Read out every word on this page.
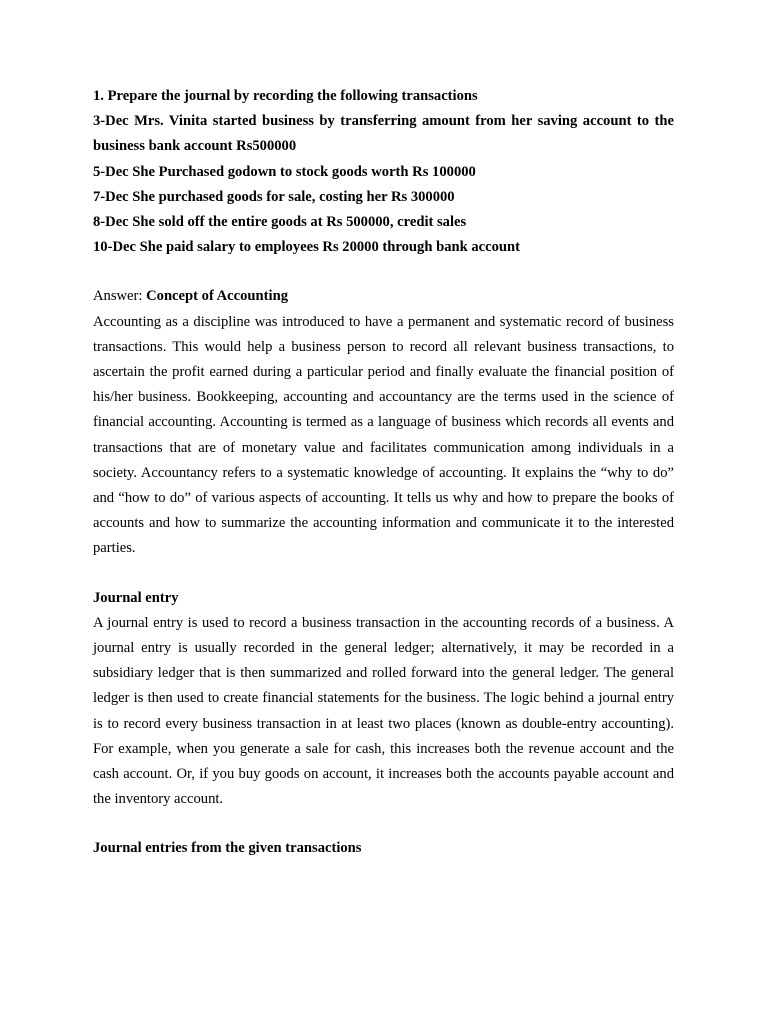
1. Prepare the journal by recording the following transactions

3-Dec Mrs. Vinita started business by transferring amount from her saving account to the business bank account Rs500000

5-Dec She Purchased godown to stock goods worth Rs 100000

7-Dec She purchased goods for sale, costing her Rs 300000

8-Dec She sold off the entire goods at Rs 500000, credit sales

10-Dec She paid salary to employees Rs 20000 through bank account

Answer: Concept of Accounting

Accounting as a discipline was introduced to have a permanent and systematic record of business transactions. This would help a business person to record all relevant business transactions, to ascertain the profit earned during a particular period and finally evaluate the financial position of his/her business. Bookkeeping, accounting and accountancy are the terms used in the science of financial accounting. Accounting is termed as a language of business which records all events and transactions that are of monetary value and facilitates communication among individuals in a society. Accountancy refers to a systematic knowledge of accounting. It explains the “why to do” and “how to do” of various aspects of accounting. It tells us why and how to prepare the books of accounts and how to summarize the accounting information and communicate it to the interested parties.

Journal entry

A journal entry is used to record a business transaction in the accounting records of a business. A journal entry is usually recorded in the general ledger; alternatively, it may be recorded in a subsidiary ledger that is then summarized and rolled forward into the general ledger. The general ledger is then used to create financial statements for the business. The logic behind a journal entry is to record every business transaction in at least two places (known as double-entry accounting). For example, when you generate a sale for cash, this increases both the revenue account and the cash account. Or, if you buy goods on account, it increases both the accounts payable account and the inventory account.

Journal entries from the given transactions
